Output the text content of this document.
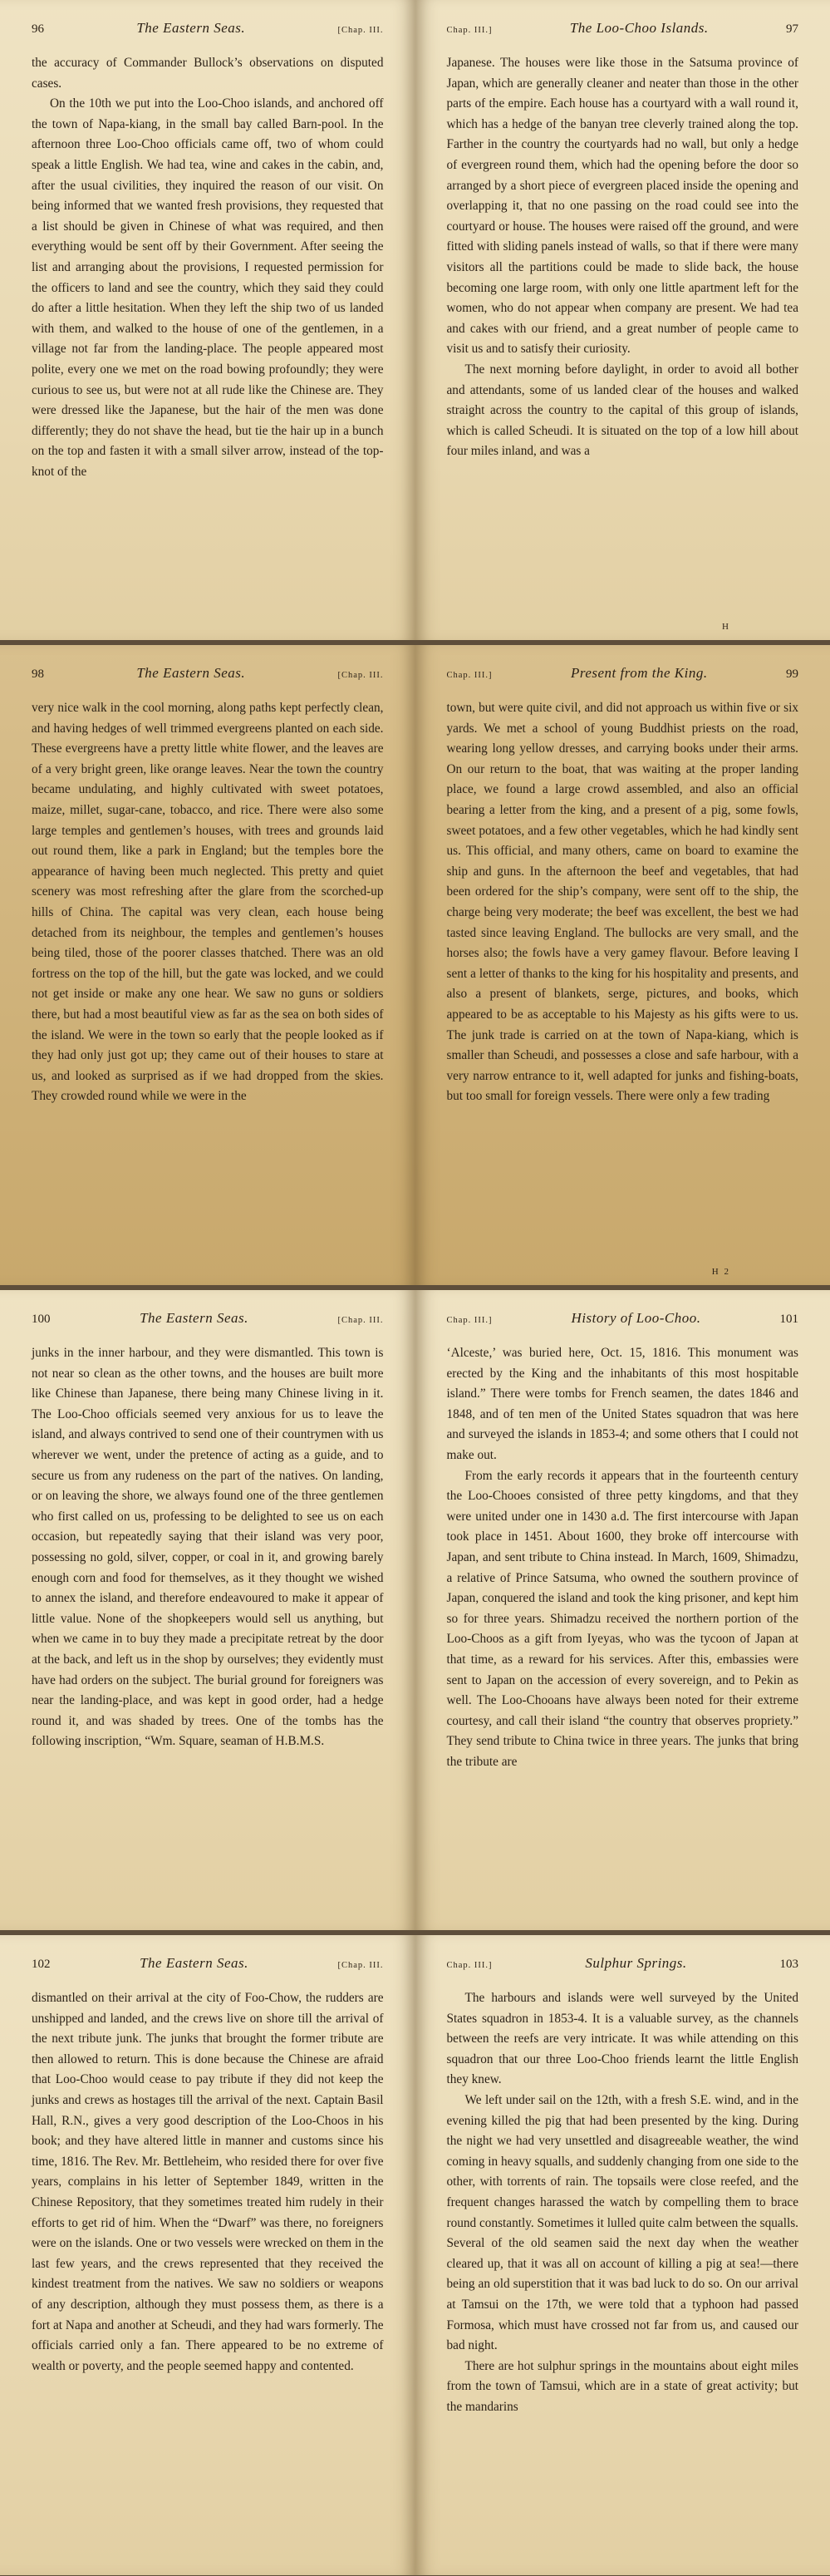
96	The Eastern Seas.	[Chap. III.

the accuracy of Commander Bullock’s observations on disputed cases.

On the 10th we put into the Loo-Choo islands, and anchored off the town of Napa-kiang, in the small bay called Barn-pool. In the afternoon three Loo-Choo officials came off, two of whom could speak a little English. We had tea, wine and cakes in the cabin, and, after the usual civilities, they inquired the reason of our visit. On being informed that we wanted fresh provisions, they requested that a list should be given in Chinese of what was required, and then everything would be sent off by their Government. After seeing the list and arranging about the provisions, I requested permission for the officers to land and see the country, which they said they could do after a little hesitation. When they left the ship two of us landed with them, and walked to the house of one of the gentlemen, in a village not far from the landing-place. The people appeared most polite, every one we met on the road bowing profoundly; they were curious to see us, but were not at all rude like the Chinese are. They were dressed like the Japanese, but the hair of the men was done differently; they do not shave the head, but tie the hair up in a bunch on the top and fasten it with a small silver arrow, instead of the top-knot of the

Chap. III.]	The Loo-Choo Islands.	97

Japanese. The houses were like those in the Satsuma province of Japan, which are generally cleaner and neater than those in the other parts of the empire. Each house has a courtyard with a wall round it, which has a hedge of the banyan tree cleverly trained along the top. Farther in the country the courtyards had no wall, but only a hedge of evergreen round them, which had the opening before the door so arranged by a short piece of evergreen placed inside the opening and overlapping it, that no one passing on the road could see into the courtyard or house. The houses were raised off the ground, and were fitted with sliding panels instead of walls, so that if there were many visitors all the partitions could be made to slide back, the house becoming one large room, with only one little apartment left for the women, who do not appear when company are present. We had tea and cakes with our friend, and a great number of people came to visit us and to satisfy their curiosity.

The next morning before daylight, in order to avoid all bother and attendants, some of us landed clear of the houses and walked straight across the country to the capital of this group of islands, which is called Scheudi. It is situated on the top of a low hill about four miles inland, and was a

H
98	The Eastern Seas.	[Chap. III.

very nice walk in the cool morning, along paths kept perfectly clean, and having hedges of well trimmed evergreens planted on each side. These evergreens have a pretty little white flower, and the leaves are of a very bright green, like orange leaves. Near the town the country became undulating, and highly cultivated with sweet potatoes, maize, millet, sugar-cane, tobacco, and rice. There were also some large temples and gentlemen’s houses, with trees and grounds laid out round them, like a park in England; but the temples bore the appearance of having been much neglected. This pretty and quiet scenery was most refreshing after the glare from the scorched-up hills of China. The capital was very clean, each house being detached from its neighbour, the temples and gentlemen’s houses being tiled, those of the poorer classes thatched. There was an old fortress on the top of the hill, but the gate was locked, and we could not get inside or make any one hear. We saw no guns or soldiers there, but had a most beautiful view as far as the sea on both sides of the island. We were in the town so early that the people looked as if they had only just got up; they came out of their houses to stare at us, and looked as surprised as if we had dropped from the skies. They crowded round while we were in the

Chap. III.]	Present from the King.	99

town, but were quite civil, and did not approach us within five or six yards. We met a school of young Buddhist priests on the road, wearing long yellow dresses, and carrying books under their arms. On our return to the boat, that was waiting at the proper landing place, we found a large crowd assembled, and also an official bearing a letter from the king, and a present of a pig, some fowls, sweet potatoes, and a few other vegetables, which he had kindly sent us. This official, and many others, came on board to examine the ship and guns. In the afternoon the beef and vegetables, that had been ordered for the ship’s company, were sent off to the ship, the charge being very moderate; the beef was excellent, the best we had tasted since leaving England. The bullocks are very small, and the horses also; the fowls have a very gamey flavour. Before leaving I sent a letter of thanks to the king for his hospitality and presents, and also a present of blankets, serge, pictures, and books, which appeared to be as acceptable to his Majesty as his gifts were to us. The junk trade is carried on at the town of Napa-kiang, which is smaller than Scheudi, and possesses a close and safe harbour, with a very narrow entrance to it, well adapted for junks and fishing-boats, but too small for foreign vessels. There were only a few trading

H 2
100	The Eastern Seas.	[Chap. III.

junks in the inner harbour, and they were dismantled. This town is not near so clean as the other towns, and the houses are built more like Chinese than Japanese, there being many Chinese living in it. The Loo-Choo officials seemed very anxious for us to leave the island, and always contrived to send one of their countrymen with us wherever we went, under the pretence of acting as a guide, and to secure us from any rudeness on the part of the natives. On landing, or on leaving the shore, we always found one of the three gentlemen who first called on us, professing to be delighted to see us on each occasion, but repeatedly saying that their island was very poor, possessing no gold, silver, copper, or coal in it, and growing barely enough corn and food for themselves, as it they thought we wished to annex the island, and therefore endeavoured to make it appear of little value. None of the shopkeepers would sell us anything, but when we came in to buy they made a precipitate retreat by the door at the back, and left us in the shop by ourselves; they evidently must have had orders on the subject. The burial ground for foreigners was near the landing-place, and was kept in good order, had a hedge round it, and was shaded by trees. One of the tombs has the following inscription, “Wm. Square, seaman of H.B.M.S.

Chap. III.]	History of Loo-Choo.	101

‘Alceste,’ was buried here, Oct. 15, 1816. This monument was erected by the King and the inhabitants of this most hospitable island.” There were tombs for French seamen, the dates 1846 and 1848, and of ten men of the United States squadron that was here and surveyed the islands in 1853-4; and some others that I could not make out.

From the early records it appears that in the fourteenth century the Loo-Chooes consisted of three petty kingdoms, and that they were united under one in 1430 a.d. The first intercourse with Japan took place in 1451. About 1600, they broke off intercourse with Japan, and sent tribute to China instead. In March, 1609, Shimadzu, a relative of Prince Satsuma, who owned the southern province of Japan, conquered the island and took the king prisoner, and kept him so for three years. Shimadzu received the northern portion of the Loo-Choos as a gift from Iyeyas, who was the tycoon of Japan at that time, as a reward for his services. After this, embassies were sent to Japan on the accession of every sovereign, and to Pekin as well. The Loo-Chooans have always been noted for their extreme courtesy, and call their island “the country that observes propriety.” They send tribute to China twice in three years. The junks that bring the tribute are

102	The Eastern Seas.	[Chap. III.

dismantled on their arrival at the city of Foo-Chow, the rudders are unshipped and landed, and the crews live on shore till the arrival of the next tribute junk. The junks that brought the former tribute are then allowed to return. This is done because the Chinese are afraid that Loo-Choo would cease to pay tribute if they did not keep the junks and crews as hostages till the arrival of the next. Captain Basil Hall, R.N., gives a very good description of the Loo-Choos in his book; and they have altered little in manner and customs since his time, 1816. The Rev. Mr. Bettleheim, who resided there for over five years, complains in his letter of September 1849, written in the Chinese Repository, that they sometimes treated him rudely in their efforts to get rid of him. When the “Dwarf” was there, no foreigners were on the islands. One or two vessels were wrecked on them in the last few years, and the crews represented that they received the kindest treatment from the natives. We saw no soldiers or weapons of any description, although they must possess them, as there is a fort at Napa and another at Scheudi, and they had wars formerly. The officials carried only a fan. There appeared to be no extreme of wealth or poverty, and the people seemed happy and contented.

Chap. III.]	Sulphur Springs.	103

The harbours and islands were well surveyed by the United States squadron in 1853-4. It is a valuable survey, as the channels between the reefs are very intricate. It was while attending on this squadron that our three Loo-Choo friends learnt the little English they knew.

We left under sail on the 12th, with a fresh S.E. wind, and in the evening killed the pig that had been presented by the king. During the night we had very unsettled and disagreeable weather, the wind coming in heavy squalls, and suddenly changing from one side to the other, with torrents of rain. The topsails were close reefed, and the frequent changes harassed the watch by compelling them to brace round constantly. Sometimes it lulled quite calm between the squalls. Several of the old seamen said the next day when the weather cleared up, that it was all on account of killing a pig at sea!—there being an old superstition that it was bad luck to do so. On our arrival at Tamsui on the 17th, we were told that a typhoon had passed Formosa, which must have crossed not far from us, and caused our bad night.

There are hot sulphur springs in the mountains about eight miles from the town of Tamsui, which are in a state of great activity; but the mandarins
